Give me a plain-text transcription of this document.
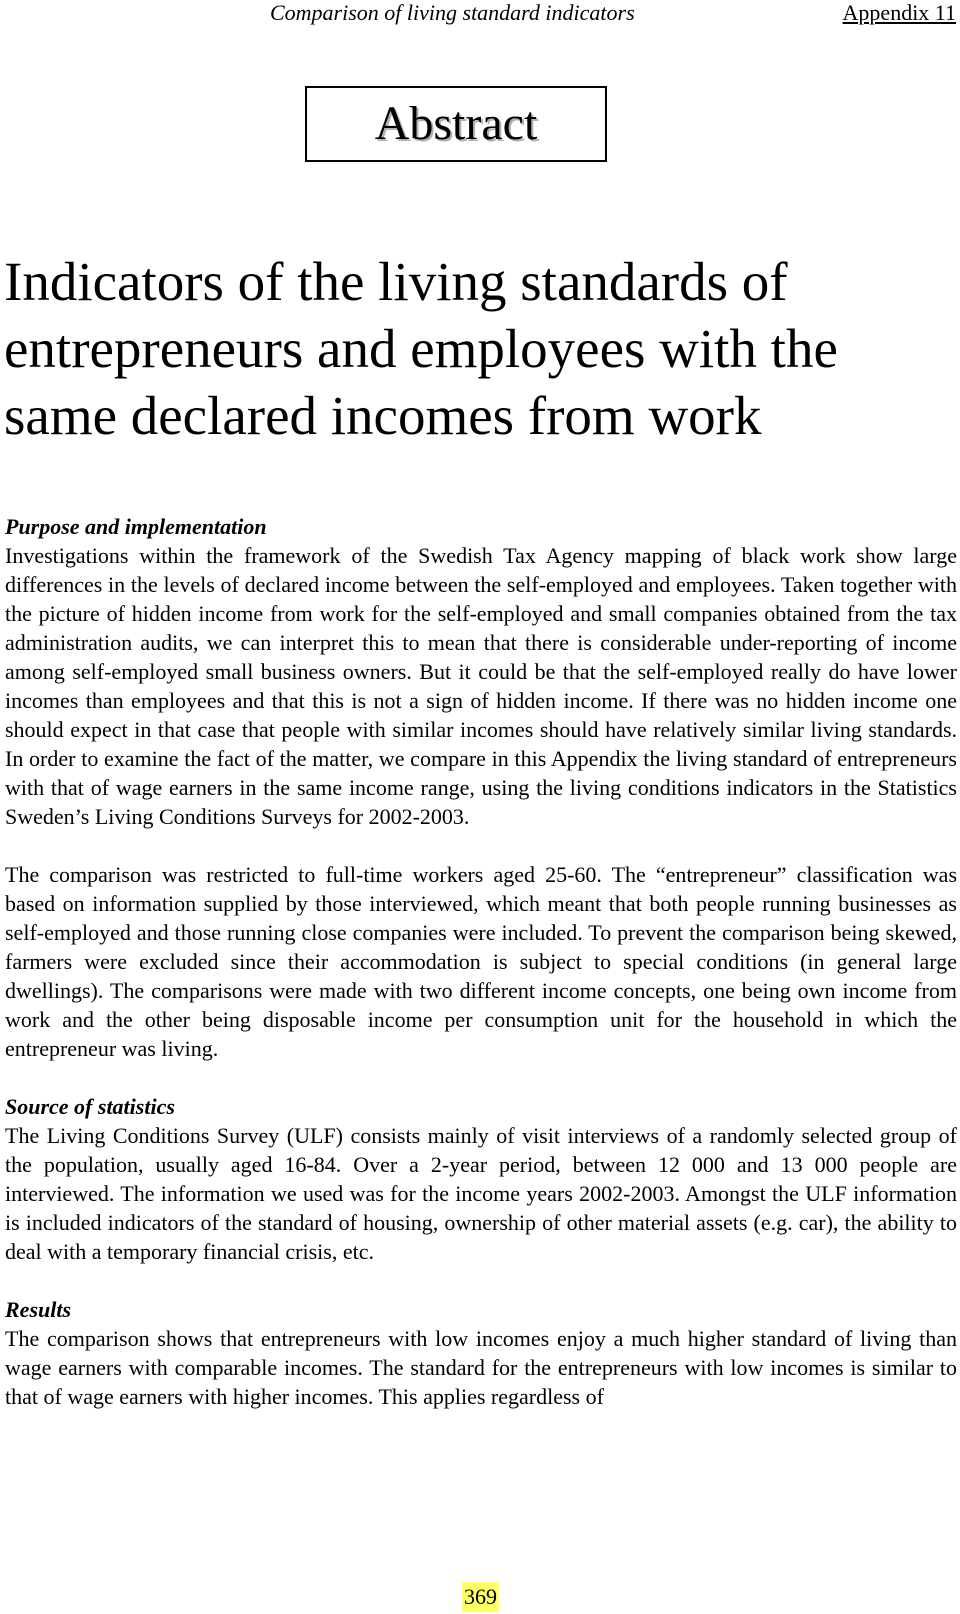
Comparison of living standard indicators	Appendix 11
Abstract
Indicators of the living standards of entrepreneurs and employees with the same declared incomes from work

Purpose and implementation

Investigations within the framework of the Swedish Tax Agency mapping of black work show large differences in the levels of declared income between the self-employed and employees. Taken together with the picture of hidden income from work for the self-employed and small companies obtained from the tax administration audits, we can interpret this to mean that there is considerable under-reporting of income among self-employed small business owners. But it could be that the self-employed really do have lower incomes than employees and that this is not a sign of hidden income. If there was no hidden income one should expect in that case that people with similar incomes should have relatively similar living standards. In order to examine the fact of the matter, we compare in this Appendix the living standard of entrepreneurs with that of wage earners in the same income range, using the living conditions indicators in the Statistics Sweden’s Living Conditions Surveys for 2002-2003.

The comparison was restricted to full-time workers aged 25-60. The “entrepreneur” classification was based on information supplied by those interviewed, which meant that both people running businesses as self-employed and those running close companies were included. To prevent the comparison being skewed, farmers were excluded since their accommodation is subject to special conditions (in general large dwellings). The comparisons were made with two different income concepts, one being own income from work and the other being disposable income per consumption unit for the household in which the entrepreneur was living.

Source of statistics

The Living Conditions Survey (ULF) consists mainly of visit interviews of a randomly selected group of the population, usually aged 16-84. Over a 2-year period, between 12 000 and 13 000 people are interviewed. The information we used was for the income years 2002-2003. Amongst the ULF information is included indicators of the standard of housing, ownership of other material assets (e.g. car), the ability to deal with a temporary financial crisis, etc.

Results

The comparison shows that entrepreneurs with low incomes enjoy a much higher standard of living than wage earners with comparable incomes. The standard for the entrepreneurs with low incomes is similar to that of wage earners with higher incomes. This applies regardless of

369
